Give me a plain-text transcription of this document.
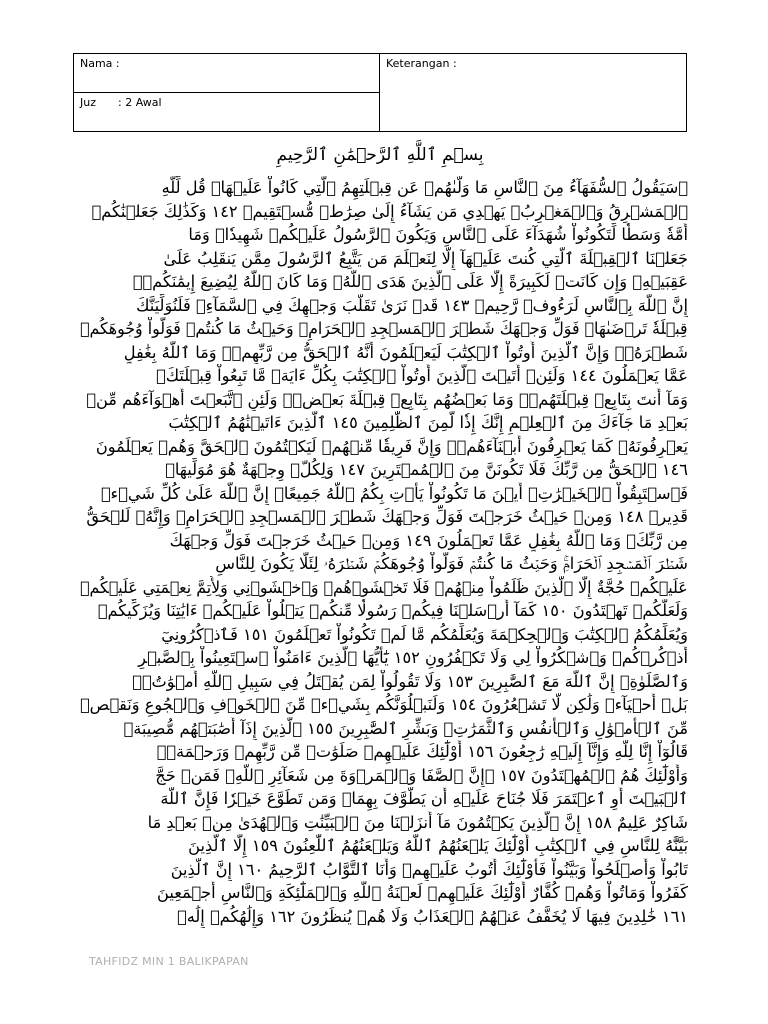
Nama :	Keterangan :
Juz : 2 Awal
بِسۡمِ ٱللَّهِ ٱلرَّحۡمَٰنِ ٱلرَّحِيمِ
۞سَيَقُولُ ٱلسُّفَهَآءُ مِنَ ٱلنَّاسِ مَا وَلَّىٰهُمۡ عَن قِبۡلَتِهِمُ ٱلَّتِي كَانُواْ عَلَيۡهَاۚ قُل لِّلَّهِ
ٱلۡمَشۡرِقُ وَٱلۡمَغۡرِبُۚ يَهۡدِي مَن يَشَآءُ إِلَىٰ صِرَٰطٖ مُّسۡتَقِيمٖ ١٤٢ وَكَذَٰلِكَ جَعَلۡنَٰكُمۡ
أُمَّةٗ وَسَطٗا لِّتَكُونُواْ شُهَدَآءَ عَلَى ٱلنَّاسِ وَيَكُونَ ٱلرَّسُولُ عَلَيۡكُمۡ شَهِيدٗاۗ وَمَا
جَعَلۡنَا ٱلۡقِبۡلَةَ ٱلَّتِي كُنتَ عَلَيۡهَآ إِلَّا لِنَعۡلَمَ مَن يَتَّبِعُ ٱلرَّسُولَ مِمَّن يَنقَلِبُ عَلَىٰ
عَقِبَيۡهِۚ وَإِن كَانَتۡ لَكَبِيرَةً إِلَّا عَلَى ٱلَّذِينَ هَدَى ٱللَّهُۗ وَمَا كَانَ ٱللَّهُ لِيُضِيعَ إِيمَٰنَكُمۡۚ
إِنَّ ٱللَّهَ بِٱلنَّاسِ لَرَءُوفٞ رَّحِيمٞ ١٤٣ قَدۡ نَرَىٰ تَقَلُّبَ وَجۡهِكَ فِي ٱلسَّمَآءِۖ فَلَنُوَلِّيَنَّكَ
قِبۡلَةٗ تَرۡضَىٰهَاۚ فَوَلِّ وَجۡهَكَ شَطۡرَ ٱلۡمَسۡجِدِ ٱلۡحَرَامِۚ وَحَيۡثُ مَا كُنتُمۡ فَوَلُّواْ وُجُوهَكُمۡ
شَطۡرَهُۥۗ وَإِنَّ ٱلَّذِينَ أُوتُواْ ٱلۡكِتَٰبَ لَيَعۡلَمُونَ أَنَّهُ ٱلۡحَقُّ مِن رَّبِّهِمۡۗ وَمَا ٱللَّهُ بِغَٰفِلٍ
عَمَّا يَعۡمَلُونَ ١٤٤ وَلَئِنۡ أَتَيۡتَ ٱلَّذِينَ أُوتُواْ ٱلۡكِتَٰبَ بِكُلِّ ءَايَةٖ مَّا تَبِعُواْ قِبۡلَتَكَۚ
وَمَآ أَنتَ بِتَابِعٖ قِبۡلَتَهُمۡۚ وَمَا بَعۡضُهُم بِتَابِعٖ قِبۡلَةَ بَعۡضٖۚ وَلَئِنِ ٱتَّبَعۡتَ أَهۡوَآءَهُم مِّنۢ
بَعۡدِ مَا جَآءَكَ مِنَ ٱلۡعِلۡمِ إِنَّكَ إِذٗا لَّمِنَ ٱلظَّٰلِمِينَ ١٤٥ ٱلَّذِينَ ءَاتَيۡنَٰهُمُ ٱلۡكِتَٰبَ
يَعۡرِفُونَهُۥ كَمَا يَعۡرِفُونَ أَبۡنَآءَهُمۡۖ وَإِنَّ فَرِيقٗا مِّنۡهُمۡ لَيَكۡتُمُونَ ٱلۡحَقَّ وَهُمۡ يَعۡلَمُونَ
١٤٦ ٱلۡحَقُّ مِن رَّبِّكَ فَلَا تَكُونَنَّ مِنَ ٱلۡمُمۡتَرِينَ ١٤٧ وَلِكُلّٖ وِجۡهَةٌ هُوَ مُوَلِّيهَاۖ
فَٱسۡتَبِقُواْ ٱلۡخَيۡرَٰتِۚ أَيۡنَ مَا تَكُونُواْ يَأۡتِ بِكُمُ ٱللَّهُ جَمِيعًاۚ إِنَّ ٱللَّهَ عَلَىٰ كُلِّ شَيۡءٖ
قَدِيرٞ ١٤٨ وَمِنۡ حَيۡثُ خَرَجۡتَ فَوَلِّ وَجۡهَكَ شَطۡرَ ٱلۡمَسۡجِدِ ٱلۡحَرَامِۖ وَإِنَّهُۥ لَلۡحَقُّ
مِن رَّبِّكَۗ وَمَا ٱللَّهُ بِغَٰفِلٍ عَمَّا تَعۡمَلُونَ ١٤٩ وَمِنۡ حَيۡثُ خَرَجۡتَ فَوَلِّ وَجۡهَكَ
شَطۡرَ ٱلۡمَسۡجِدِ ٱلۡحَرَامِۚ وَحَيۡثُ مَا كُنتُمۡ فَوَلُّواْ وُجُوهَكُمۡ شَطۡرَهُۥ لِئَلَّا يَكُونَ لِلنَّاسِ
عَلَيۡكُمۡ حُجَّةٌ إِلَّا ٱلَّذِينَ ظَلَمُواْ مِنۡهُمۡ فَلَا تَخۡشَوۡهُمۡ وَٱخۡشَوۡنِي وَلِأُتِمَّ نِعۡمَتِي عَلَيۡكُمۡ
وَلَعَلَّكُمۡ تَهۡتَدُونَ ١٥٠ كَمَآ أَرۡسَلۡنَا فِيكُمۡ رَسُولٗا مِّنكُمۡ يَتۡلُواْ عَلَيۡكُمۡ ءَايَٰتِنَا وَيُزَكِّيكُمۡ
وَيُعَلِّمُكُمُ ٱلۡكِتَٰبَ وَٱلۡحِكۡمَةَ وَيُعَلِّمُكُم مَّا لَمۡ تَكُونُواْ تَعۡلَمُونَ ١٥١ فَٱذۡكُرُونِيٓ
أَذۡكُرۡكُمۡ وَٱشۡكُرُواْ لِي وَلَا تَكۡفُرُونِ ١٥٢ يَٰٓأَيُّهَا ٱلَّذِينَ ءَامَنُواْ ٱسۡتَعِينُواْ بِٱلصَّبۡرِ
وَٱلصَّلَوٰةِۚ إِنَّ ٱللَّهَ مَعَ ٱلصَّٰبِرِينَ ١٥٣ وَلَا تَقُولُواْ لِمَن يُقۡتَلُ فِي سَبِيلِ ٱللَّهِ أَمۡوَٰتُۢۚ
بَلۡ أَحۡيَآءٞ وَلَٰكِن لَّا تَشۡعُرُونَ ١٥٤ وَلَنَبۡلُوَنَّكُم بِشَيۡءٖ مِّنَ ٱلۡخَوۡفِ وَٱلۡجُوعِ وَنَقۡصٖ
مِّنَ ٱلۡأَمۡوَٰلِ وَٱلۡأَنفُسِ وَٱلثَّمَرَٰتِۗ وَبَشِّرِ ٱلصَّٰبِرِينَ ١٥٥ ٱلَّذِينَ إِذَآ أَصَٰبَتۡهُم مُّصِيبَةٞ
قَالُوٓاْ إِنَّا لِلَّهِ وَإِنَّآ إِلَيۡهِ رَٰجِعُونَ ١٥٦ أُوْلَٰٓئِكَ عَلَيۡهِمۡ صَلَوَٰتٞ مِّن رَّبِّهِمۡ وَرَحۡمَةٞۖ
وَأُوْلَٰٓئِكَ هُمُ ٱلۡمُهۡتَدُونَ ١٥٧ ۞إِنَّ ٱلصَّفَا وَٱلۡمَرۡوَةَ مِن شَعَآئِرِ ٱللَّهِۖ فَمَنۡ حَجَّ
ٱلۡبَيۡتَ أَوِ ٱعۡتَمَرَ فَلَا جُنَاحَ عَلَيۡهِ أَن يَطَّوَّفَ بِهِمَاۚ وَمَن تَطَوَّعَ خَيۡرٗا فَإِنَّ ٱللَّهَ
شَاكِرٌ عَلِيمٌ ١٥٨ إِنَّ ٱلَّذِينَ يَكۡتُمُونَ مَآ أَنزَلۡنَا مِنَ ٱلۡبَيِّنَٰتِ وَٱلۡهُدَىٰ مِنۢ بَعۡدِ مَا
بَيَّنَّٰهُ لِلنَّاسِ فِي ٱلۡكِتَٰبِ أُوْلَٰٓئِكَ يَلۡعَنُهُمُ ٱللَّهُ وَيَلۡعَنُهُمُ ٱللَّٰعِنُونَ ١٥٩ إِلَّا ٱلَّذِينَ
تَابُواْ وَأَصۡلَحُواْ وَبَيَّنُواْ فَأُوْلَٰٓئِكَ أَتُوبُ عَلَيۡهِمۡ وَأَنَا ٱلتَّوَّابُ ٱلرَّحِيمُ ١٦٠ إِنَّ ٱلَّذِينَ
كَفَرُواْ وَمَاتُواْ وَهُمۡ كُفَّارٌ أُوْلَٰٓئِكَ عَلَيۡهِمۡ لَعۡنَةُ ٱللَّهِ وَٱلۡمَلَٰٓئِكَةِ وَٱلنَّاسِ أَجۡمَعِينَ
١٦١ خَٰلِدِينَ فِيهَا لَا يُخَفَّفُ عَنۡهُمُ ٱلۡعَذَابُ وَلَا هُمۡ يُنظَرُونَ ١٦٢ وَإِلَٰهُكُمۡ إِلَٰهٞ
TAHFIDZ MIN 1 BALIKPAPAN
